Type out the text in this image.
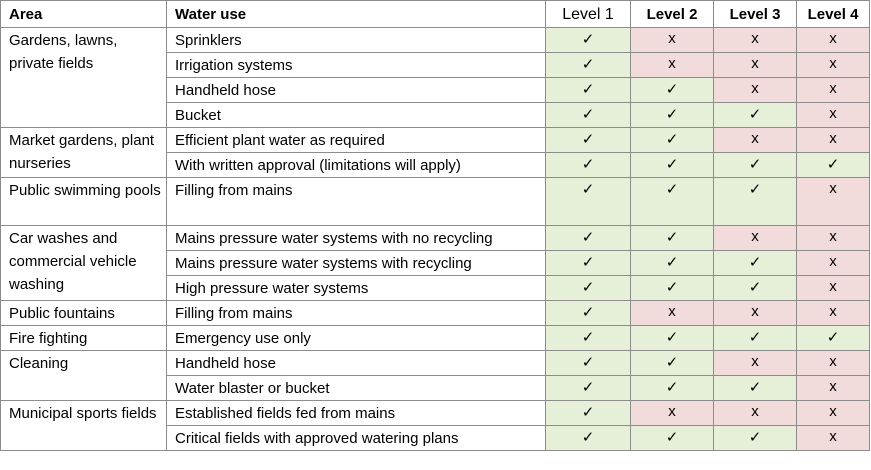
Area	Water use	Level 1	Level 2	Level 3	Level 4
Gardens, lawns, private fields	Sprinklers	✓	x	x	x
	Irrigation systems	✓	x	x	x
	Handheld hose	✓	✓	x	x
	Bucket	✓	✓	✓	x
Market gardens, plant nurseries	Efficient plant water as required	✓	✓	x	x
	With written approval (limitations will apply)	✓	✓	✓	✓
Public swimming pools	Filling from mains	✓	✓	✓	x
Car washes and commercial vehicle washing	Mains pressure water systems with no recycling	✓	✓	x	x
	Mains pressure water systems with recycling	✓	✓	✓	x
	High pressure water systems	✓	✓	✓	x
Public fountains	Filling from mains	✓	x	x	x
Fire fighting	Emergency use only	✓	✓	✓	✓
Cleaning	Handheld hose	✓	✓	x	x
	Water blaster or bucket	✓	✓	✓	x
Municipal sports fields	Established fields fed from mains	✓	x	x	x
	Critical fields with approved watering plans	✓	✓	✓	x
